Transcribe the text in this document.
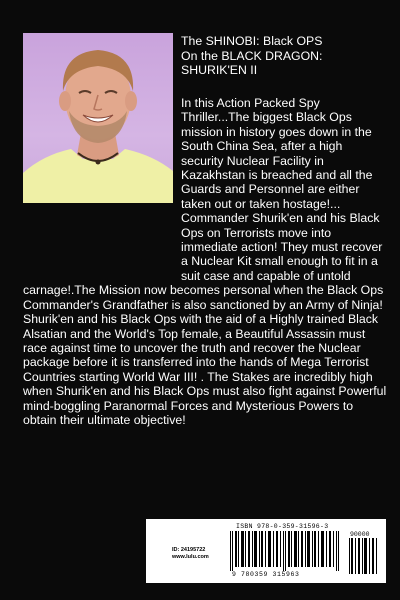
The SHINOBI: Black OPS
On the BLACK DRAGON:
SHURIK'EN II

In this Action Packed Spy Thriller...The biggest Black Ops mission in history goes down in the South China Sea, after a high security Nuclear Facility in Kazakhstan is breached and all the Guards and Personnel are either taken out or taken hostage!... Commander Shurik'en and his Black Ops on Terrorists move into immediate action! They must recover a Nuclear Kit small enough to fit in a suit case and capable of untold carnage!.The Mission now becomes personal when the Black Ops Commander's Grandfather is also sanctioned by an Army of Ninja! Shurik'en and his Black Ops with the aid of a Highly trained Black Alsatian and the World's Top female, a Beautiful Assassin must race against time to uncover the truth and recover the Nuclear package before it is transferred into the hands of Mega Terrorist Countries starting World War III! . The Stakes are incredibly high when Shurik'en and his Black Ops must also fight against Powerful mind-boggling Paranormal Forces and Mysterious Powers to obtain their ultimate objective!

ID: 24195722
www.lulu.com
ISBN 978-0-359-31596-3
90000
9 780359 315963
